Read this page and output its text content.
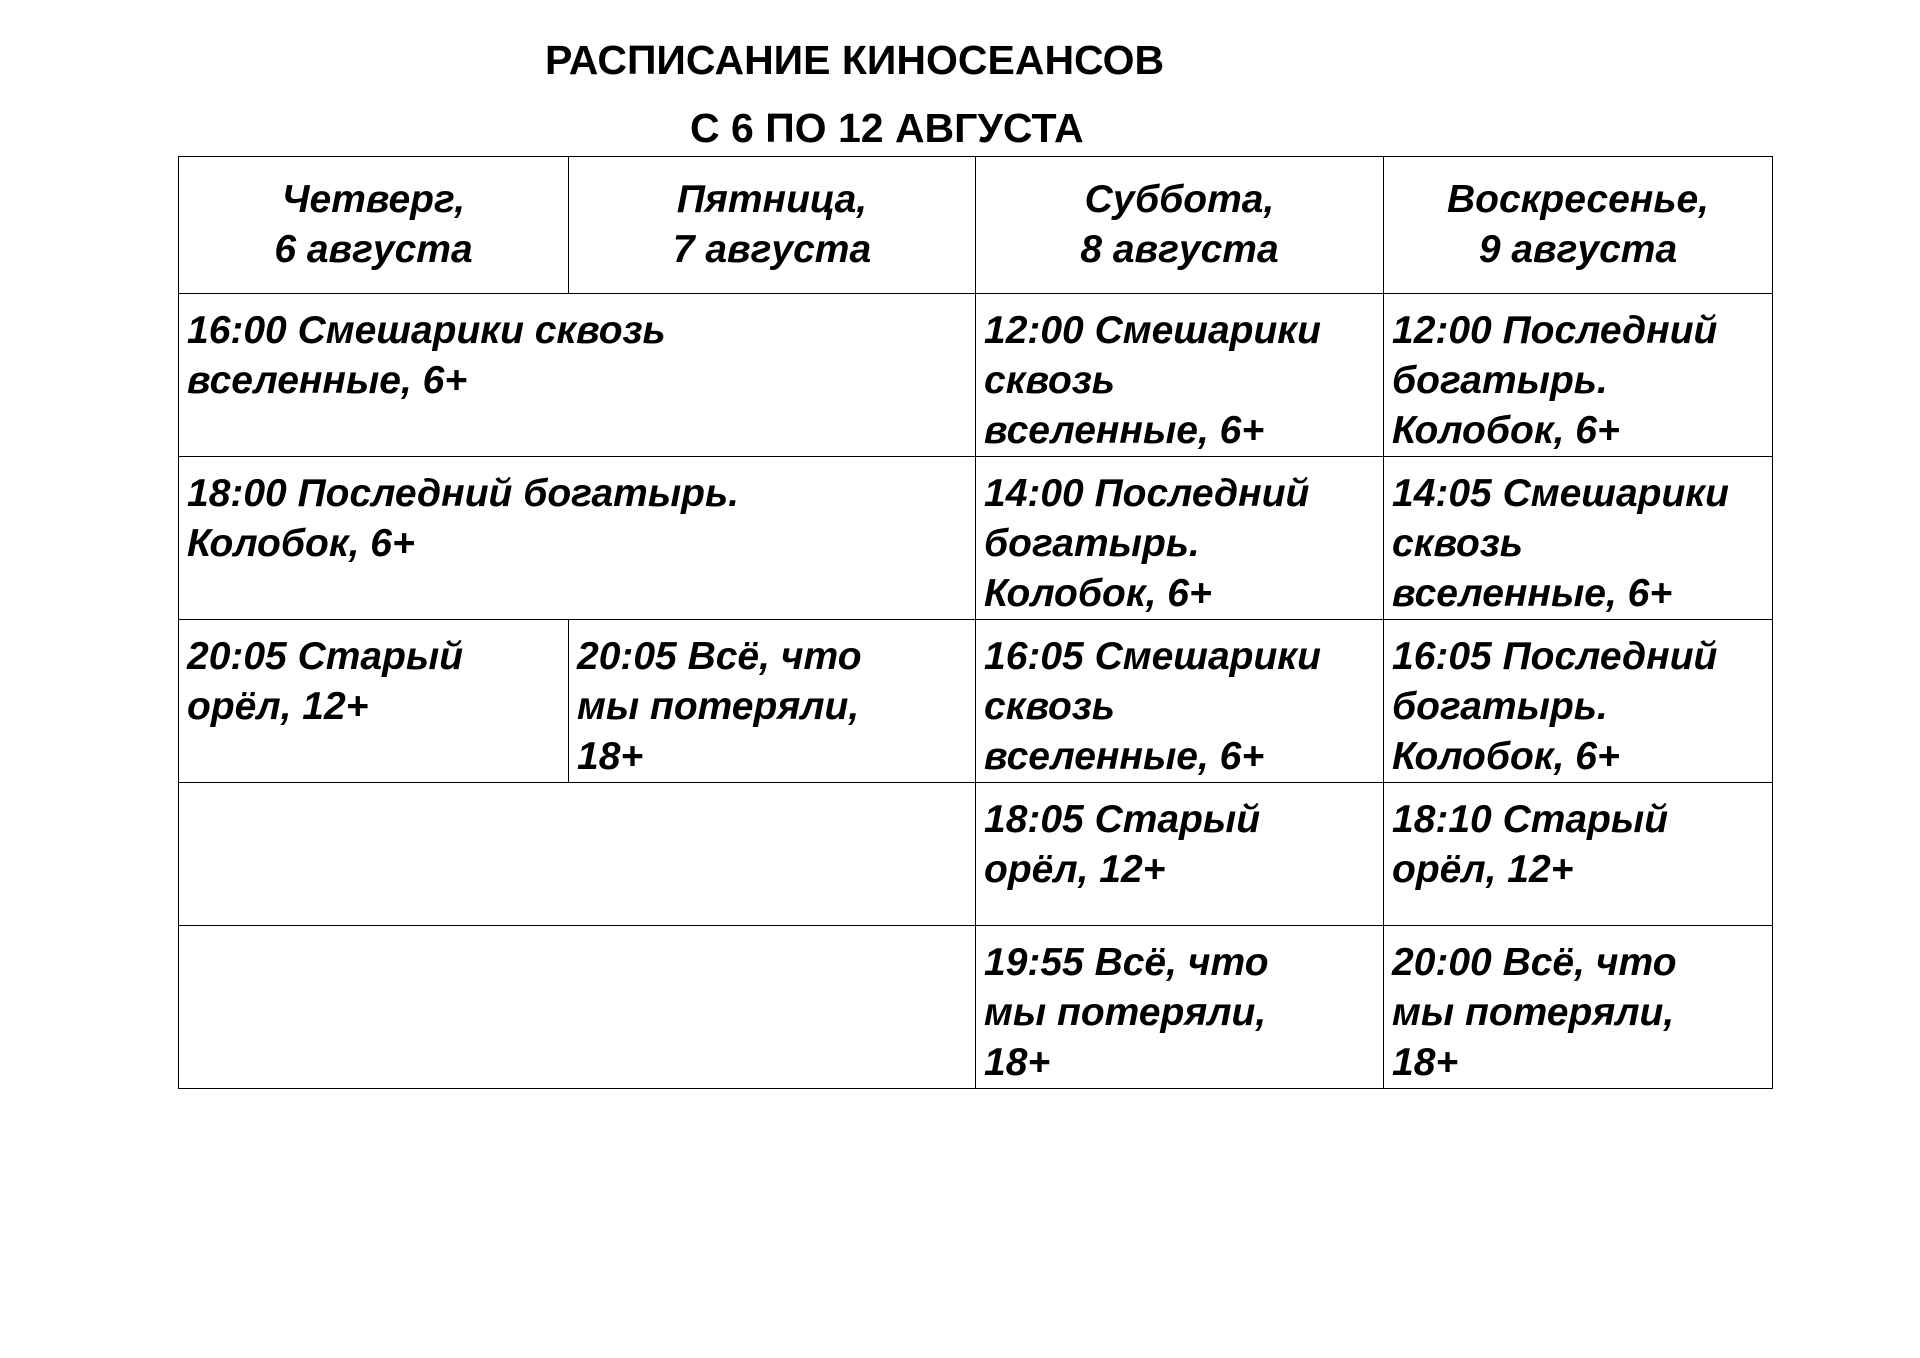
РАСПИСАНИЕ КИНОСЕАНСОВ
С 6 ПО 12 АВГУСТА
Четверг,
6 августа	Пятница,
7 августа	Суббота,
8 августа	Воскресенье,
9 августа

16:00 Смешарики сквозь
вселенные, 6+		12:00 Смешарики
сквозь
вселенные, 6+	12:00 Последний
богатырь.
Колобок, 6+

18:00 Последний богатырь.
Колобок, 6+		14:00 Последний
богатырь.
Колобок, 6+	14:05 Смешарики
сквозь
вселенные, 6+

20:05 Старый
орёл, 12+	20:05 Всё, что
мы потеряли,
18+	16:05 Смешарики
сквозь
вселенные, 6+	16:05 Последний
богатырь.
Колобок, 6+

		18:05 Старый
орёл, 12+	18:10 Старый
орёл, 12+

		19:55 Всё, что
мы потеряли,
18+	20:00 Всё, что
мы потеряли,
18+
